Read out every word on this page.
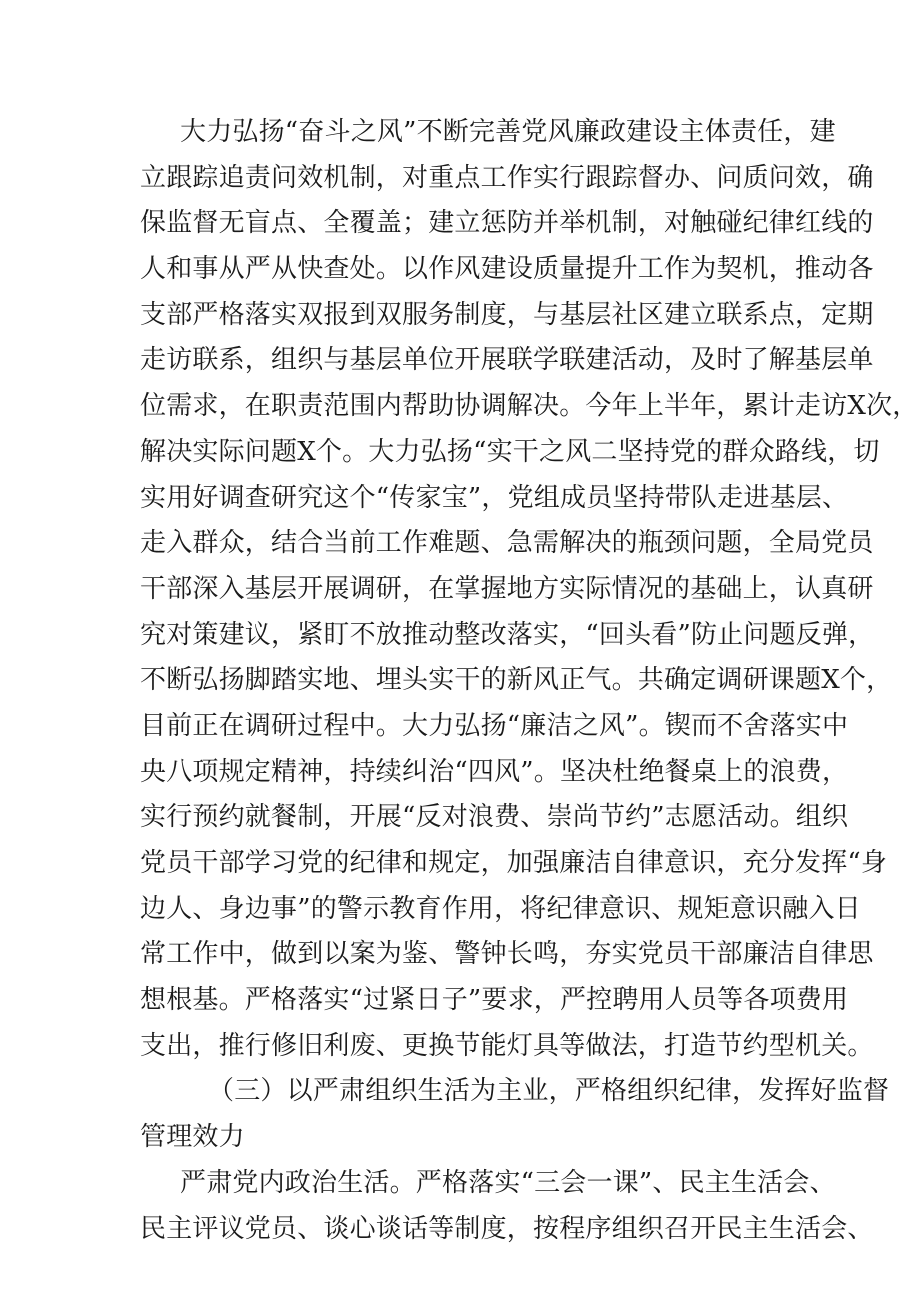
大力弘扬“奋斗之风”不断完善党风廉政建设主体责任，建
立跟踪追责问效机制，对重点工作实行跟踪督办、问质问效，确
保监督无盲点、全覆盖；建立惩防并举机制，对触碰纪律红线的
人和事从严从快查处。以作风建设质量提升工作为契机，推动各
支部严格落实双报到双服务制度，与基层社区建立联系点，定期
走访联系，组织与基层单位开展联学联建活动，及时了解基层单
位需求，在职责范围内帮助协调解决。今年上半年，累计走访X次，
解决实际问题X个。大力弘扬“实干之风二坚持党的群众路线，切
实用好调查研究这个“传家宝”，党组成员坚持带队走进基层、
走入群众，结合当前工作难题、急需解决的瓶颈问题，全局党员
干部深入基层开展调研，在掌握地方实际情况的基础上，认真研
究对策建议，紧盯不放推动整改落实，“回头看”防止问题反弹，
不断弘扬脚踏实地、埋头实干的新风正气。共确定调研课题X个，
目前正在调研过程中。大力弘扬“廉洁之风”。锲而不舍落实中
央八项规定精神，持续纠治“四风”。坚决杜绝餐桌上的浪费，
实行预约就餐制，开展“反对浪费、崇尚节约”志愿活动。组织
党员干部学习党的纪律和规定，加强廉洁自律意识，充分发挥“身
边人、身边事”的警示教育作用，将纪律意识、规矩意识融入日
常工作中，做到以案为鉴、警钟长鸣，夯实党员干部廉洁自律思
想根基。严格落实“过紧日子”要求，严控聘用人员等各项费用
支出，推行修旧利废、更换节能灯具等做法，打造节约型机关。
（三）以严肃组织生活为主业，严格组织纪律，发挥好监督
管理效力
严肃党内政治生活。严格落实“三会一课”、民主生活会、
民主评议党员、谈心谈话等制度，按程序组织召开民主生活会、
